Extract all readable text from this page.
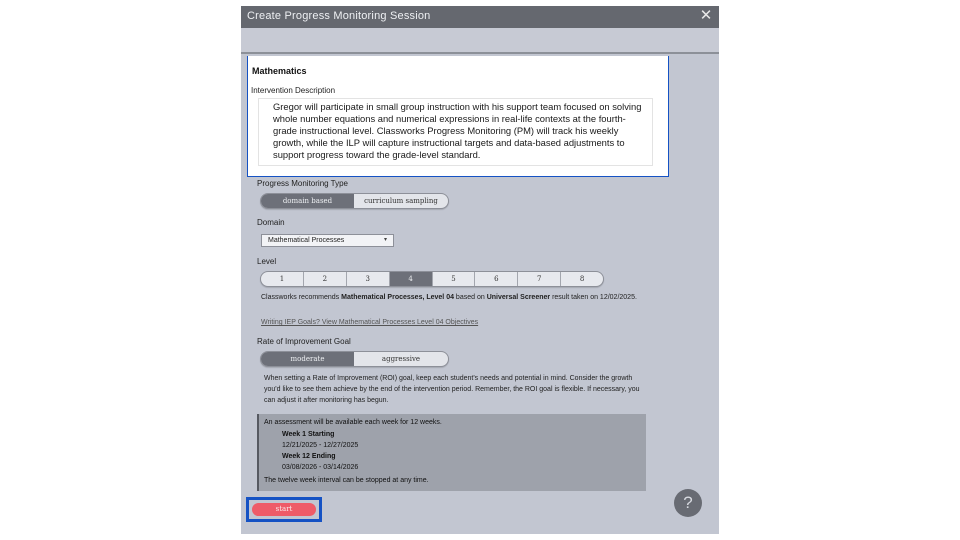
Create Progress Monitoring Session	✕
Mathematics
Intervention Description
Gregor will participate in small group instruction with his support team focused on solving whole number equations and numerical expressions in real-life contexts at the fourth-grade instructional level. Classworks Progress Monitoring (PM) will track his weekly growth, while the ILP will capture instructional targets and data-based adjustments to support progress toward the grade-level standard.
Progress Monitoring Type
domain based	curriculum sampling
Domain
Mathematical Processes	▾
Level
1	2	3	4	5	6	7	8
Classworks recommends Mathematical Processes, Level 04 based on Universal Screener result taken on 12/02/2025.
Writing IEP Goals? View Mathematical Processes Level 04 Objectives
Rate of Improvement Goal
moderate	aggressive
When setting a Rate of Improvement (ROI) goal, keep each student's needs and potential in mind. Consider the growth you'd like to see them achieve by the end of the intervention period. Remember, the ROI goal is flexible. If necessary, you can adjust it after monitoring has begun.
An assessment will be available each week for 12 weeks.
Week 1 Starting
12/21/2025 - 12/27/2025
Week 12 Ending
03/08/2026 - 03/14/2026
The twelve week interval can be stopped at any time.
?
start
